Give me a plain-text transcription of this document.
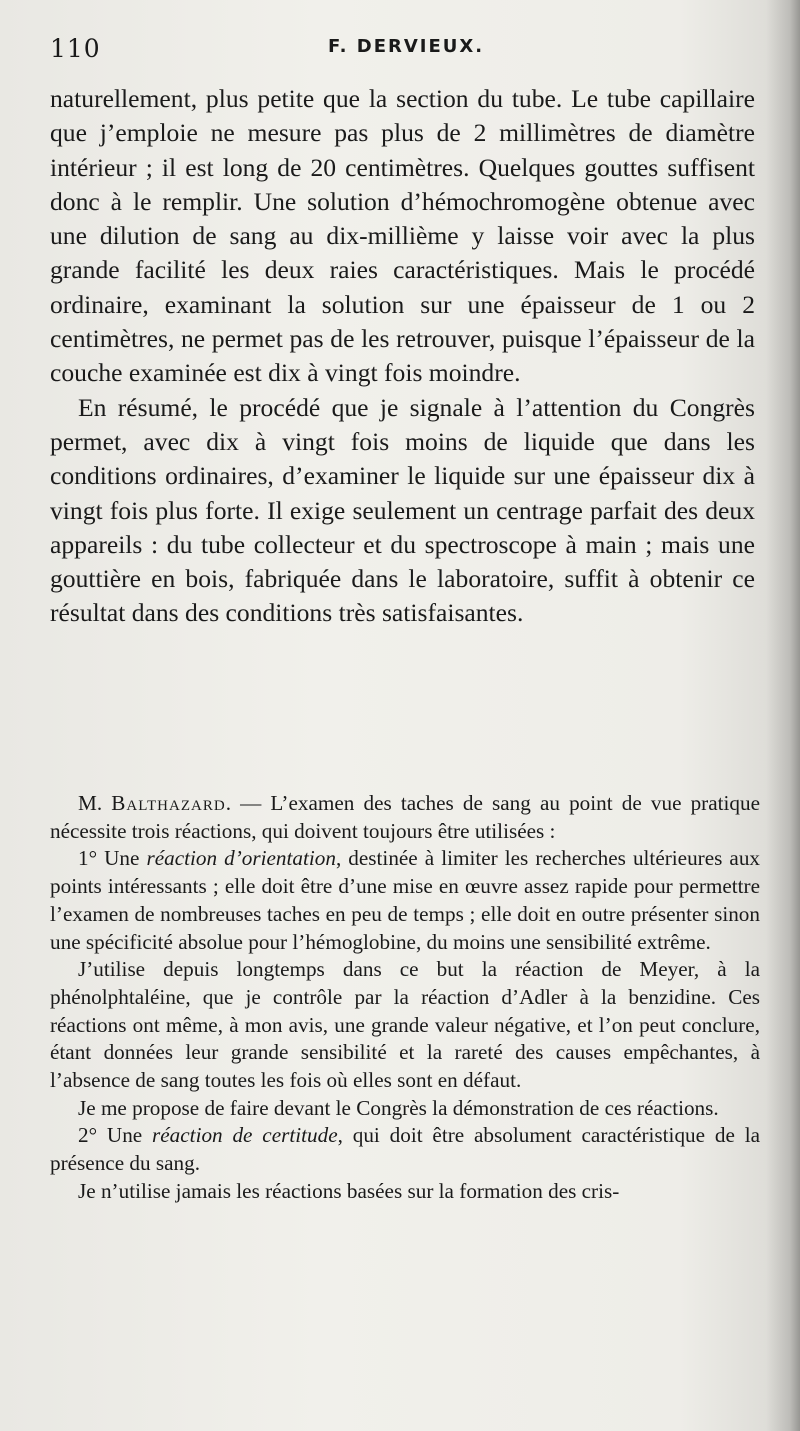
110	F. DERVIEUX.

naturellement, plus petite que la section du tube. Le tube capillaire que j’emploie ne mesure pas plus de 2 millimètres de diamètre intérieur ; il est long de 20 centimètres. Quelques gouttes suffisent donc à le remplir. Une solution d’hémochromogène obtenue avec une dilution de sang au dix-millième y laisse voir avec la plus grande facilité les deux raies caractéristiques. Mais le procédé ordinaire, examinant la solution sur une épaisseur de 1 ou 2 centimètres, ne permet pas de les retrouver, puisque l’épaisseur de la couche examinée est dix à vingt fois moindre.

En résumé, le procédé que je signale à l’attention du Congrès permet, avec dix à vingt fois moins de liquide que dans les conditions ordinaires, d’examiner le liquide sur une épaisseur dix à vingt fois plus forte. Il exige seulement un centrage parfait des deux appareils : du tube collecteur et du spectroscope à main ; mais une gouttière en bois, fabriquée dans le laboratoire, suffit à obtenir ce résultat dans des conditions très satisfaisantes.

M. Balthazard. — L’examen des taches de sang au point de vue pratique nécessite trois réactions, qui doivent toujours être utilisées :

1° Une réaction d’orientation, destinée à limiter les recherches ultérieures aux points intéressants ; elle doit être d’une mise en œuvre assez rapide pour permettre l’examen de nombreuses taches en peu de temps ; elle doit en outre présenter sinon une spécificité absolue pour l’hémoglobine, du moins une sensibilité extrême.

J’utilise depuis longtemps dans ce but la réaction de Meyer, à la phénolphtaléine, que je contrôle par la réaction d’Adler à la benzidine. Ces réactions ont même, à mon avis, une grande valeur négative, et l’on peut conclure, étant données leur grande sensibilité et la rareté des causes empêchantes, à l’absence de sang toutes les fois où elles sont en défaut.

Je me propose de faire devant le Congrès la démonstration de ces réactions.

2° Une réaction de certitude, qui doit être absolument caractéristique de la présence du sang.

Je n’utilise jamais les réactions basées sur la formation des cris-
